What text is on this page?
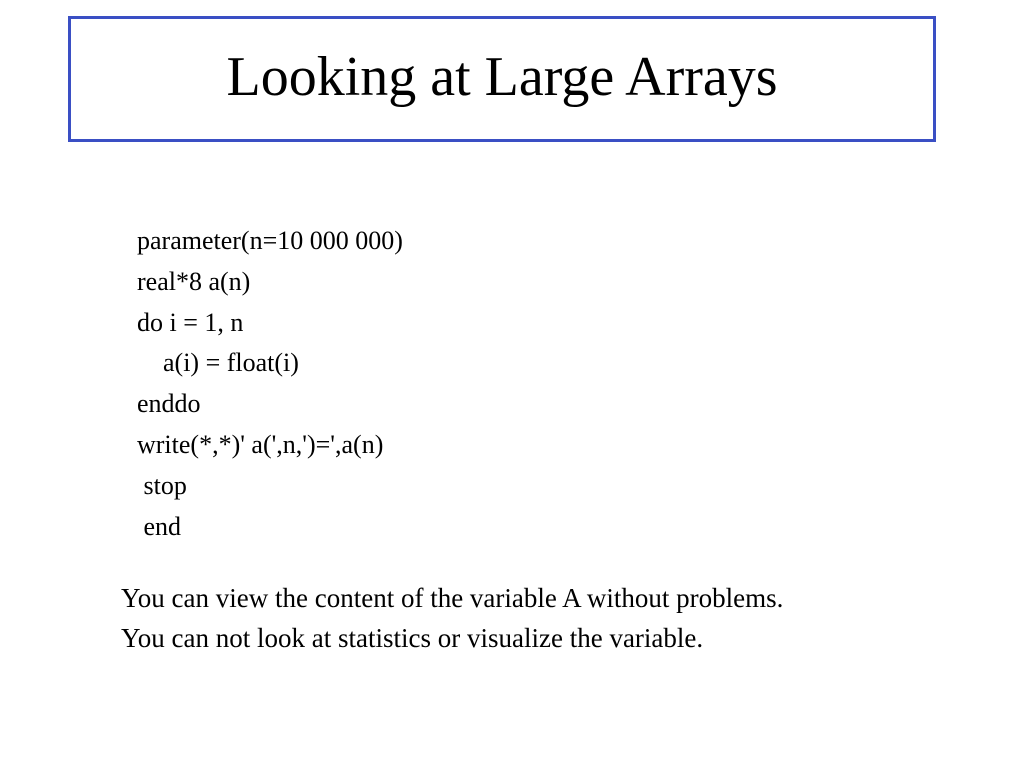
Looking at Large Arrays
parameter(n=10 000 000)
real*8 a(n)
do i = 1, n
a(i) = float(i)
enddo
write(*,*)' a(',n,')=',a(n)
stop
end
You can view the content of the variable A without problems.
You can not look at statistics or visualize the variable.
